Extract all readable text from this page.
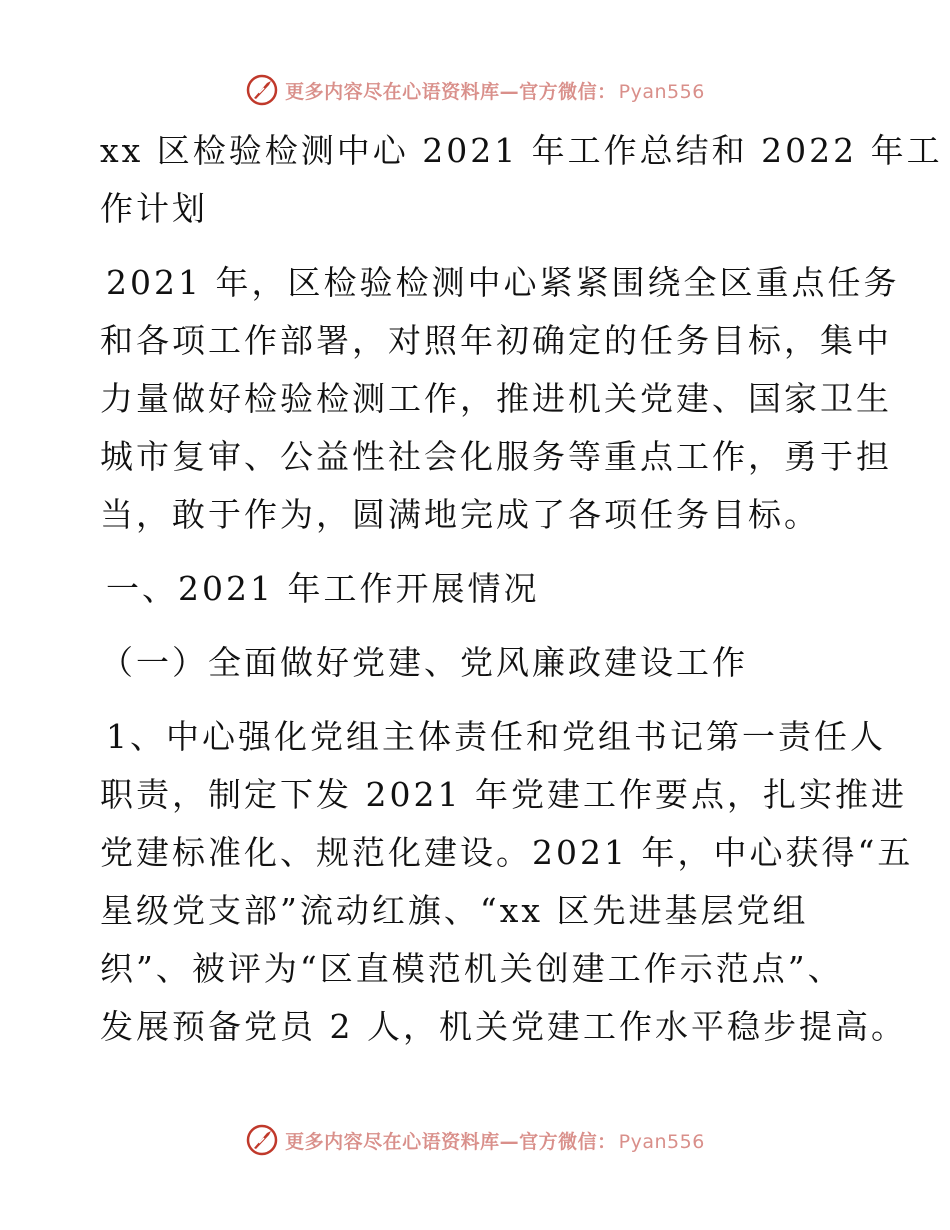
更多内容尽在心语资料库—官方微信： Pyan556
xx 区检验检测中心 2021 年工作总结和 2022 年工
作计划
2021 年，区检验检测中心紧紧围绕全区重点任务
和各项工作部署，对照年初确定的任务目标，集中
力量做好检验检测工作，推进机关党建、国家卫生
城市复审、公益性社会化服务等重点工作，勇于担
当，敢于作为，圆满地完成了各项任务目标。
一、2021 年工作开展情况
（一）全面做好党建、党风廉政建设工作
1、中心强化党组主体责任和党组书记第一责任人
职责，制定下发 2021 年党建工作要点，扎实推进
党建标准化、规范化建设。2021 年，中心获得“五
星级党支部”流动红旗、“xx 区先进基层党组
织”、被评为“区直模范机关创建工作示范点”、
发展预备党员 2 人，机关党建工作水平稳步提高。
更多内容尽在心语资料库—官方微信： Pyan556
